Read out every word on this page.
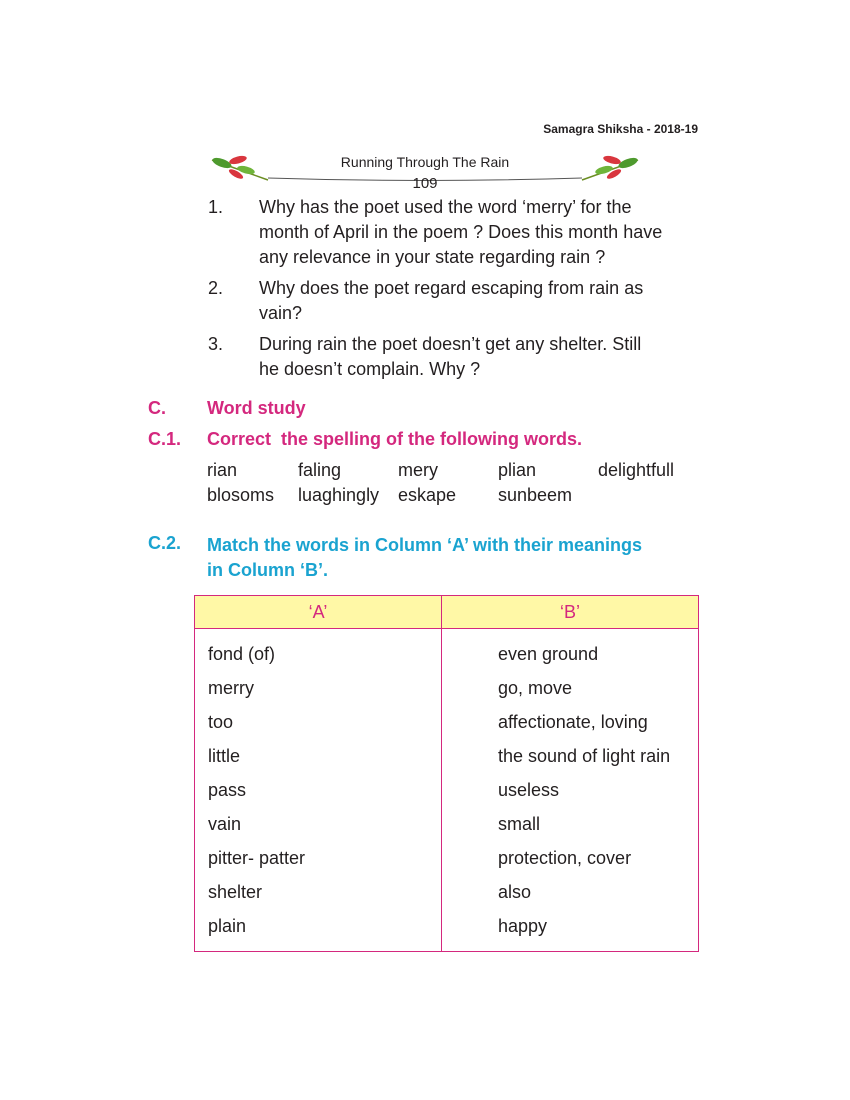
Samagra Shiksha - 2018-19
Running Through The Rain
109
1. Why has the poet used the word ‘merry’ for the
month of April in the poem ? Does this month have
any relevance in your state regarding rain ?
2. Why does the poet regard escaping from rain as
vain?
3. During rain the poet doesn’t get any shelter. Still
he doesn’t complain. Why ?
C. Word study
C.1. Correct  the spelling of the following words.
rian	faling	mery	plian	delightfull
blosoms luaghingly eskape sunbeem
C.2. Match the words in Column ‘A’ with their meanings
in Column ‘B’.
‘A’	‘B’
fond (of)	even ground
merry	go, move
too	affectionate, loving
little	the sound of light rain
pass	useless
vain	small
pitter- patter	protection, cover
shelter	also
plain	happy
